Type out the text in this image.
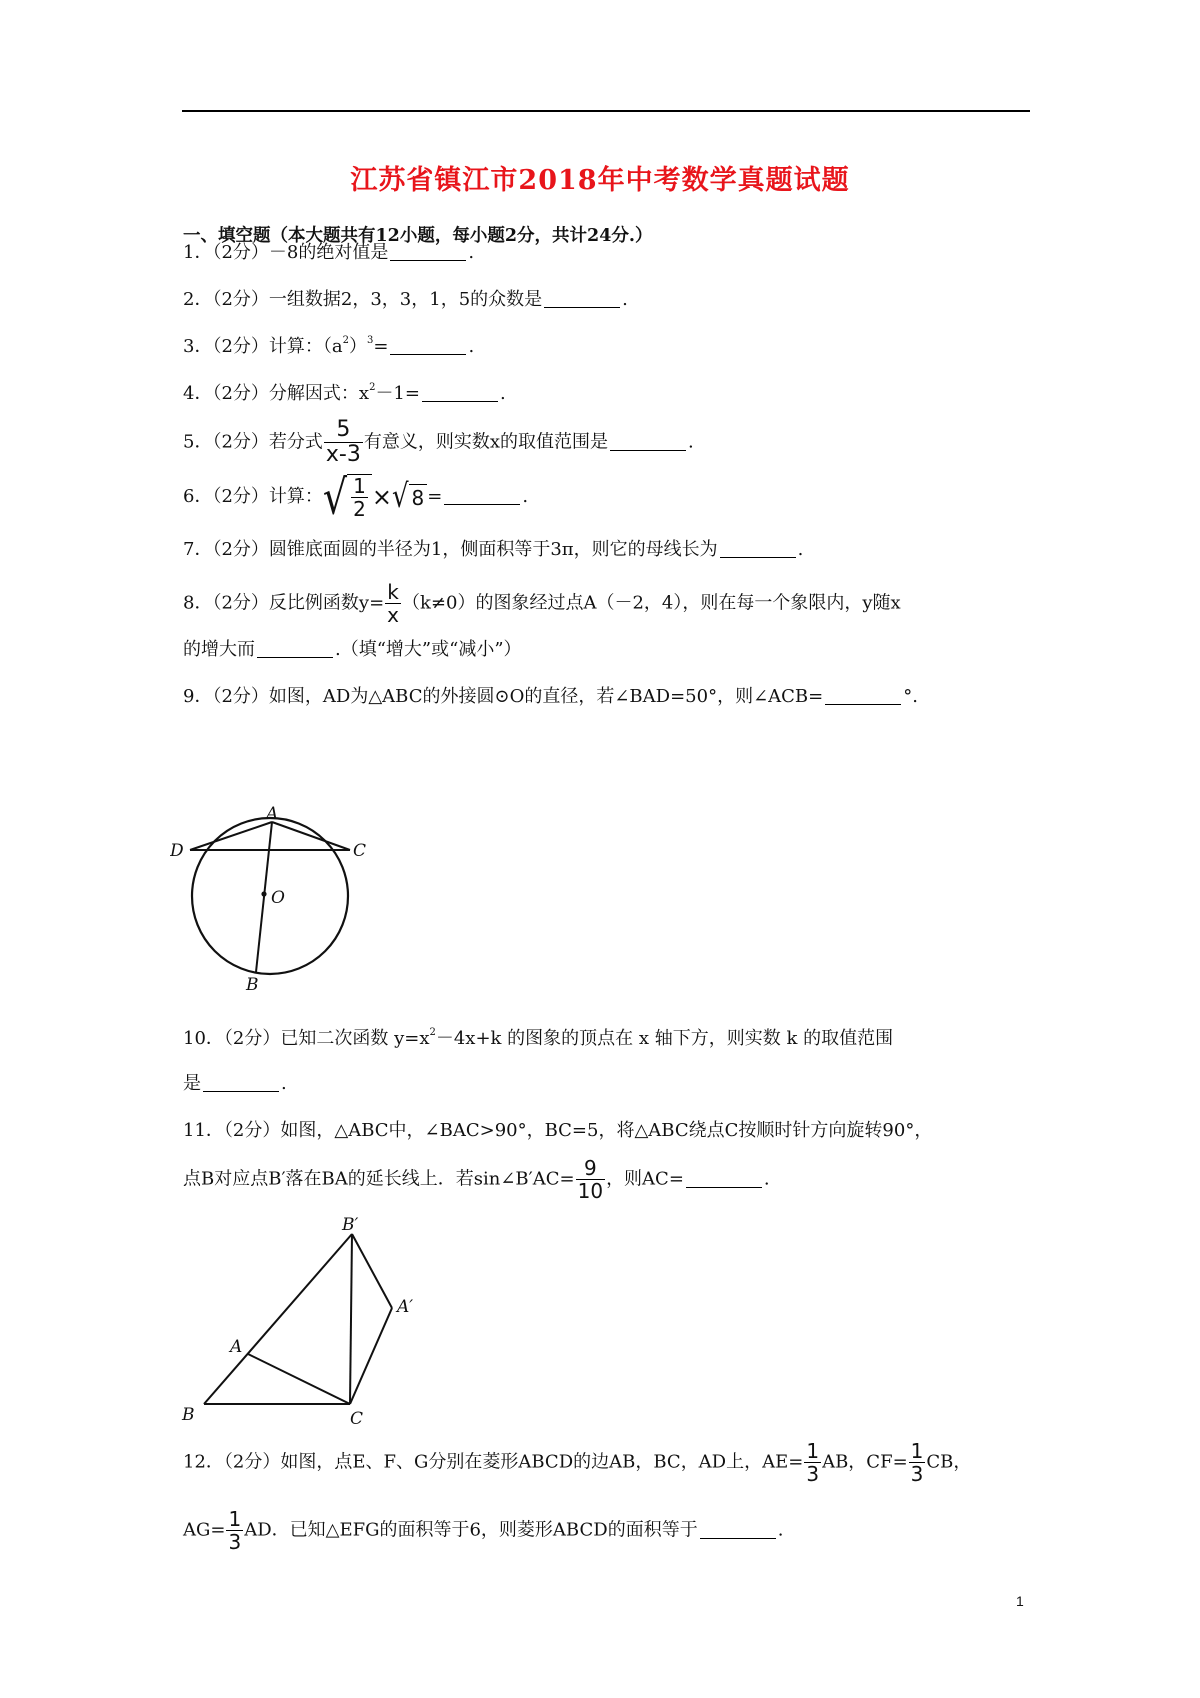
江苏省镇江市2018年中考数学真题试题
一、填空题（本大题共有12小题，每小题2分，共计24分.）
1．（2分）－8的绝对值是	.
2．（2分）一组数据2，3，3，1，5的众数是	.
3．（2分）计算：$(a^2)^3=$	.
4．（2分）分解因式：$x^2-1=$	.
5．（2分）若分式 $\frac{5}{x-3}$ 有意义，则实数x的取值范围是	.
6．（2分）计算： √ $\frac{1}{2}$ × √ 8 =	.
7．（2分）圆锥底面圆的半径为1，侧面积等于3π，则它的母线长为	.
8．（2分）反比例函数$y= \frac{k}{x} (k\ne 0)$的图象经过点A（－2，4），则在每一个象限内，y随x
的增大而	.（填“增大”或“减小”）
9．（2分）如图，AD为△ABC的外接圆⊙O的直径，若∠BAD=50°，则∠ACB=	°.
A
D	C
O
B
10．（2分）已知二次函数 $y=x^2-4x+k$ 的图象的顶点在 x 轴下方，则实数 k 的取值范围
是	.
11．（2分）如图，△ABC中，∠BAC>90°，BC=5，将△ABC绕点C按顺时针方向旋转90°，
点B对应点B′落在BA的延长线上．若sin∠B′AC= $\frac{9}{10}$ ，则AC=	.
B′
A′
A
B	C
12．（2分）如图，点E、F、G分别在菱形ABCD的边AB，BC，AD上，$AE= \frac{1}{3}$ AB，$CF= \frac{1}{3}$ CB，
$AG= \frac{1}{3}$ AD．已知△EFG的面积等于6，则菱形ABCD的面积等于	.
1
